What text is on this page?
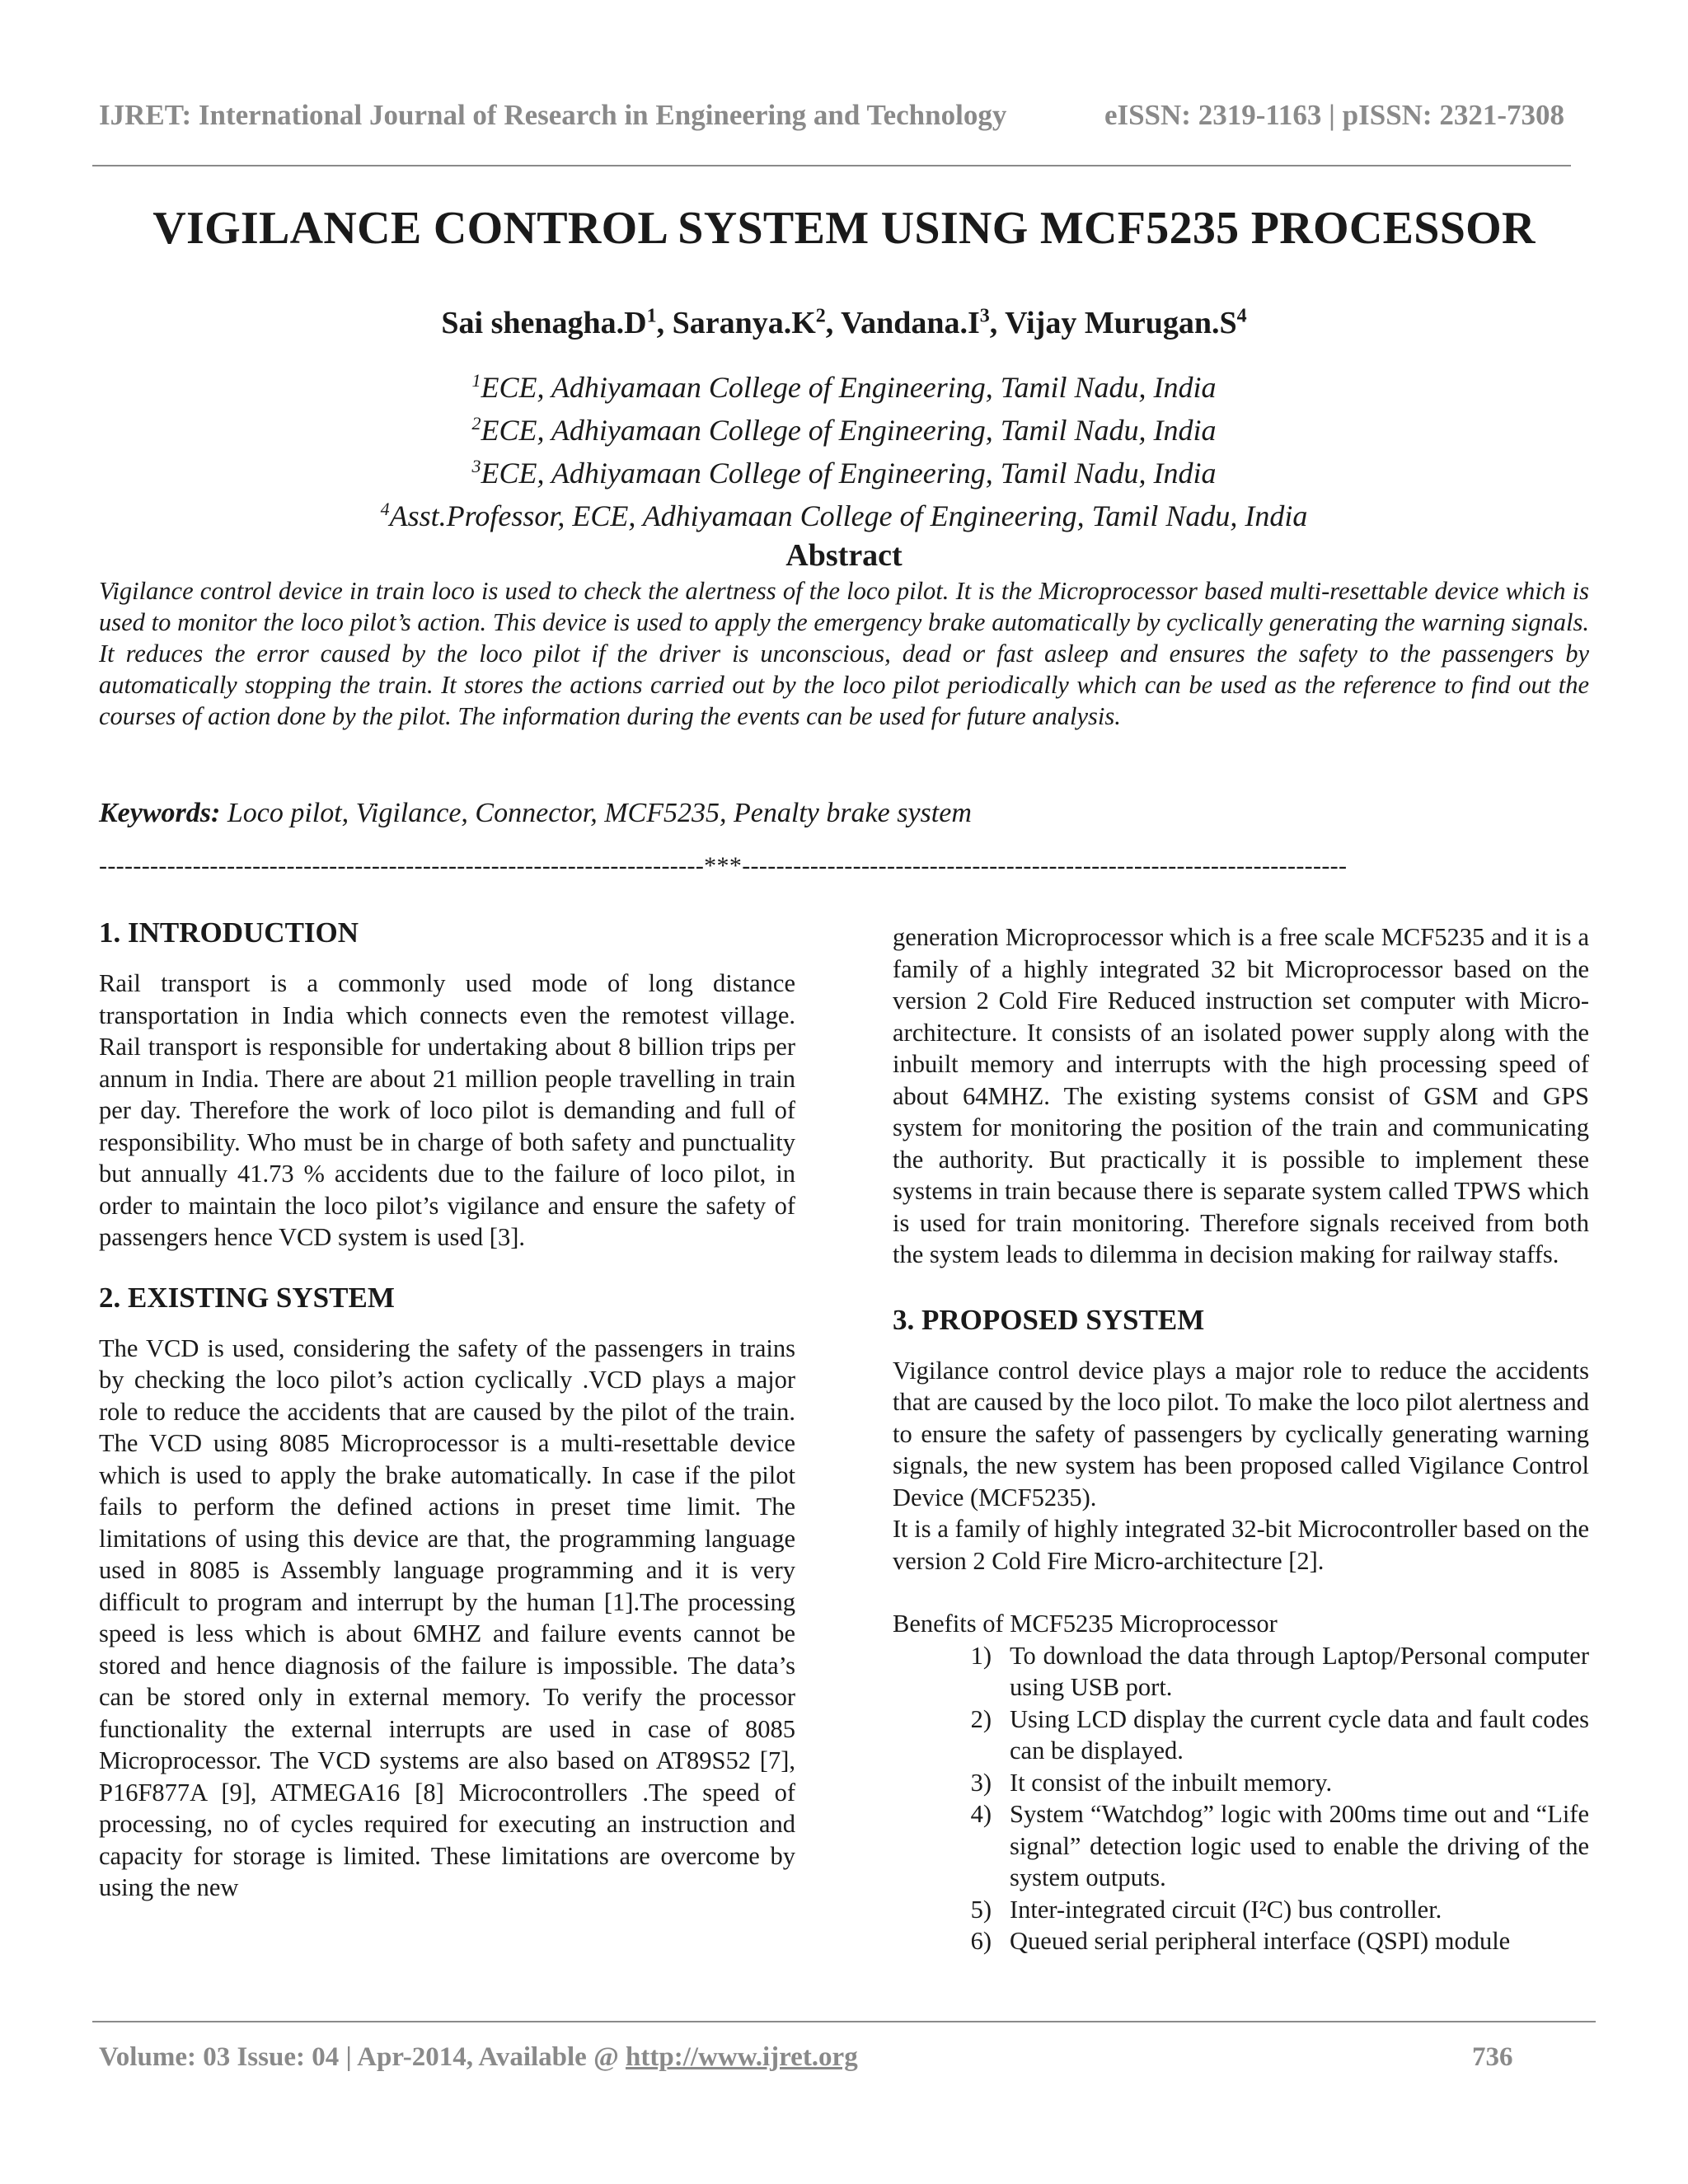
IJRET: International Journal of Research in Engineering and Technology	eISSN: 2319-1163 | pISSN: 2321-7308
VIGILANCE CONTROL SYSTEM USING MCF5235 PROCESSOR
Sai $shenagha.D^1$, $Saranya.K^2$, $Vandana.I^3$, Vijay $Murugan.S^4$
$^1$ECE, Adhiyamaan College of Engineering, Tamil Nadu, India
$^2$ECE, Adhiyamaan College of Engineering, Tamil Nadu, India
$^3$ECE, Adhiyamaan College of Engineering, Tamil Nadu, India
$^4$Asst.Professor, ECE, Adhiyamaan College of Engineering, Tamil Nadu, India
Abstract

Vigilance control device in train loco is used to check the alertness of the loco pilot. It is the Microprocessor based multi-resettable device which is used to monitor the loco pilot’s action. This device is used to apply the emergency brake automatically by cyclically generating the warning signals. It reduces the error caused by the loco pilot if the driver is unconscious, dead or fast asleep and ensures the safety to the passengers by automatically stopping the train. It stores the actions carried out by the loco pilot periodically which can be used as the reference to find out the courses of action done by the pilot. The information during the events can be used for future analysis.

Keywords: Loco pilot, Vigilance, Connector, MCF5235, Penalty brake system

-----------------------------------------------------------------------***-----------------------------------------------------------------------
1. INTRODUCTION

Rail transport is a commonly used mode of long distance transportation in India which connects even the remotest village. Rail transport is responsible for undertaking about 8 billion trips per annum in India. There are about 21 million people travelling in train per day. Therefore the work of loco pilot is demanding and full of responsibility. Who must be in charge of both safety and punctuality but annually 41.73 % accidents due to the failure of loco pilot, in order to maintain the loco pilot’s vigilance and ensure the safety of passengers hence VCD system is used [3].

2. EXISTING SYSTEM

The VCD is used, considering the safety of the passengers in trains by checking the loco pilot’s action cyclically .VCD plays a major role to reduce the accidents that are caused by the pilot of the train. The VCD using 8085 Microprocessor is a multi-resettable device which is used to apply the brake automatically. In case if the pilot fails to perform the defined actions in preset time limit. The limitations of using this device are that, the programming language used in 8085 is Assembly language programming and it is very difficult to program and interrupt by the human [1].The processing speed is less which is about 6MHZ and failure events cannot be stored and hence diagnosis of the failure is impossible. The data’s can be stored only in external memory. To verify the processor functionality the external interrupts are used in case of 8085 Microprocessor. The VCD systems are also based on AT89S52 [7], P16F877A [9], ATMEGA16 [8] Microcontrollers .The speed of processing, no of cycles required for executing an instruction and capacity for storage is limited. These limitations are overcome by using the new

generation Microprocessor which is a free scale MCF5235 and it is a family of a highly integrated 32 bit Microprocessor based on the version 2 Cold Fire Reduced instruction set computer with Micro-architecture. It consists of an isolated power supply along with the inbuilt memory and interrupts with the high processing speed of about 64MHZ. The existing systems consist of GSM and GPS system for monitoring the position of the train and communicating the authority. But practically it is possible to implement these systems in train because there is separate system called TPWS which is used for train monitoring. Therefore signals received from both the system leads to dilemma in decision making for railway staffs.

3. PROPOSED SYSTEM

Vigilance control device plays a major role to reduce the accidents that are caused by the loco pilot. To make the loco pilot alertness and to ensure the safety of passengers by cyclically generating warning signals, the new system has been proposed called Vigilance Control Device (MCF5235).

It is a family of highly integrated 32-bit Microcontroller based on the version 2 Cold Fire Micro-architecture [2].

Benefits of MCF5235 Microprocessor

1) To download the data through Laptop/Personal computer using USB port.
2) Using LCD display the current cycle data and fault codes can be displayed.
3) It consist of the inbuilt memory.
4) System “Watchdog” logic with 200ms time out and “Life signal” detection logic used to enable the driving of the system outputs.
5) Inter-integrated circuit (I²C) bus controller.
6) Queued serial peripheral interface (QSPI) module
Volume: 03 Issue: 04 | Apr-2014, Available @ http://www.ijret.org	736
